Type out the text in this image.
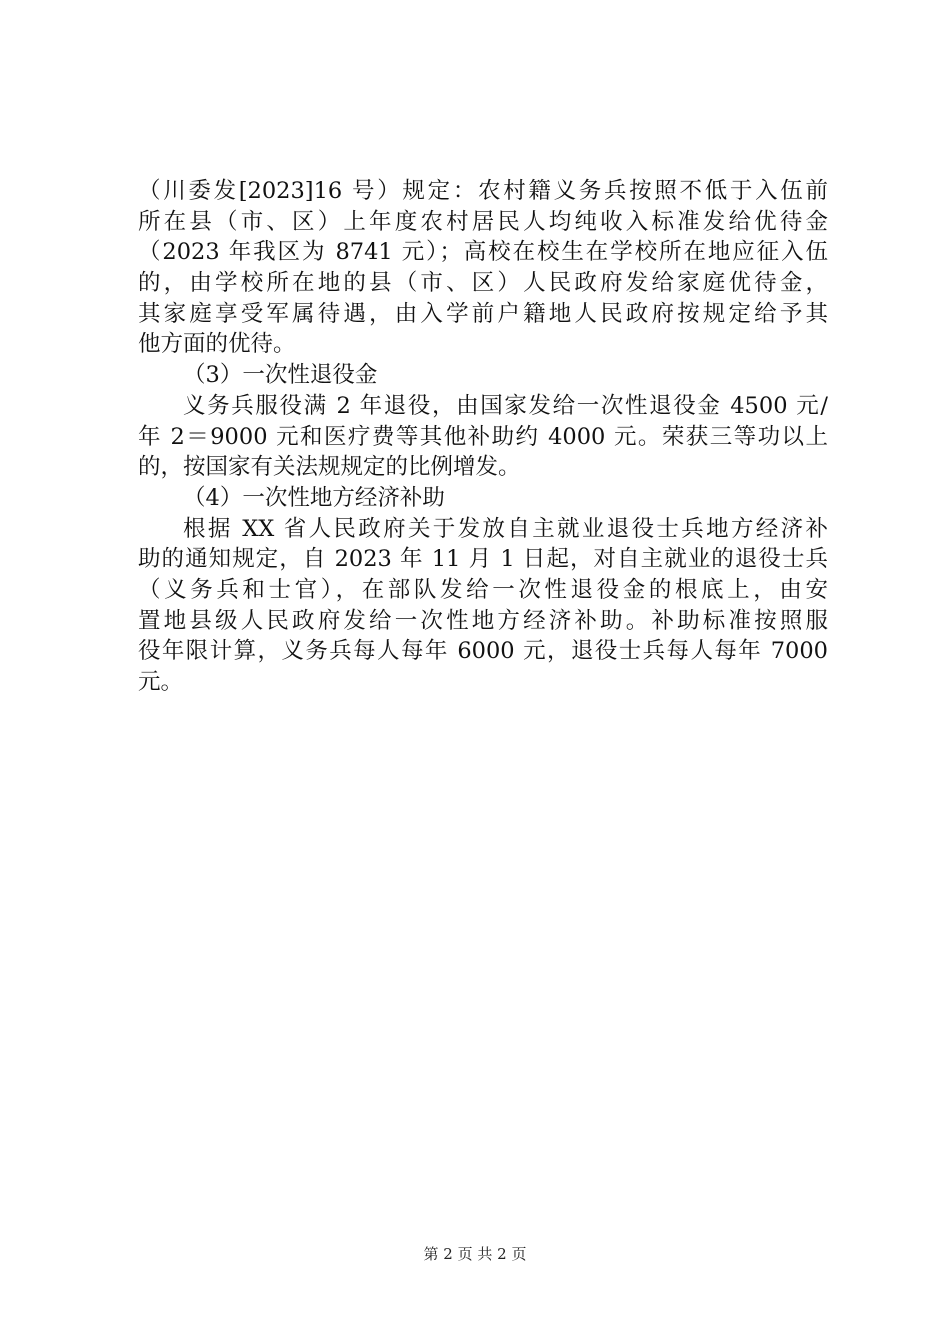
（川委发[2023]16 号）规定：农村籍义务兵按照不低于入伍前
所在县（市、区）上年度农村居民人均纯收入标准发给优待金
（2023 年我区为 8741 元）；高校在校生在学校所在地应征入伍
的，由学校所在地的县（市、区）人民政府发给家庭优待金，
其家庭享受军属待遇，由入学前户籍地人民政府按规定给予其
他方面的优待。
（3）一次性退役金
义务兵服役满 2 年退役，由国家发给一次性退役金 4500 元/
年 2＝9000 元和医疗费等其他补助约 4000 元。荣获三等功以上
的，按国家有关法规规定的比例增发。
（4）一次性地方经济补助
根据 XX 省人民政府关于发放自主就业退役士兵地方经济补
助的通知规定，自 2023 年 11 月 1 日起，对自主就业的退役士兵
（义务兵和士官），在部队发给一次性退役金的根底上，由安
置地县级人民政府发给一次性地方经济补助。补助标准按照服
役年限计算，义务兵每人每年 6000 元，退役士兵每人每年 7000
元。
第 2 页 共 2 页
